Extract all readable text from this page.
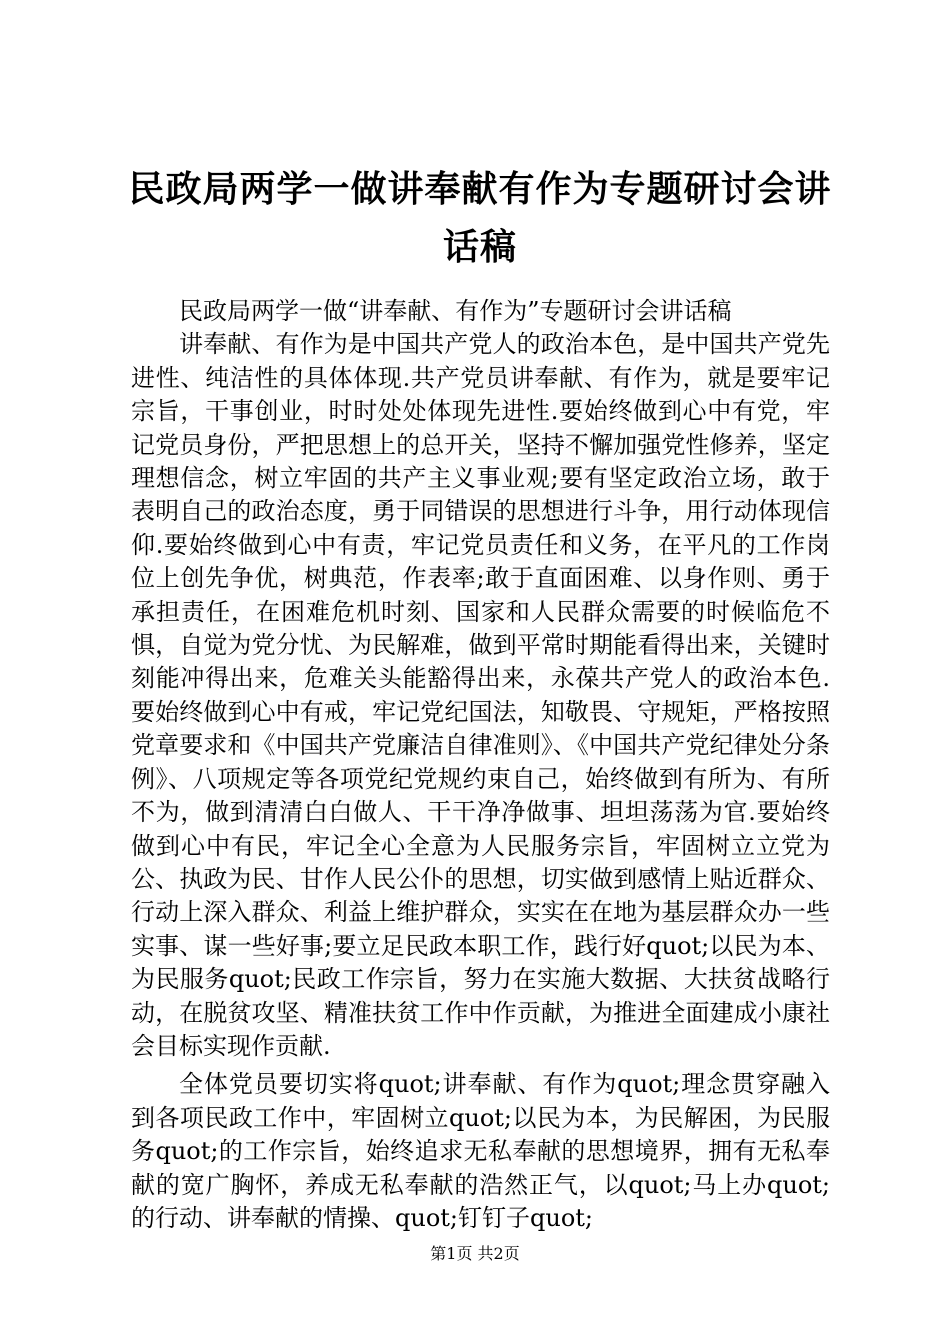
民政局两学一做讲奉献有作为专题研讨会讲话稿

民政局两学一做“讲奉献、有作为”专题研讨会讲话稿

讲奉献、有作为是中国共产党人的政治本色，是中国共产党先进性、纯洁性的具体体现.共产党员讲奉献、有作为，就是要牢记宗旨，干事创业，时时处处体现先进性.要始终做到心中有党，牢记党员身份，严把思想上的总开关，坚持不懈加强党性修养，坚定理想信念，树立牢固的共产主义事业观;要有坚定政治立场，敢于表明自己的政治态度，勇于同错误的思想进行斗争，用行动体现信仰.要始终做到心中有责，牢记党员责任和义务，在平凡的工作岗位上创先争优，树典范，作表率;敢于直面困难、以身作则、勇于承担责任，在困难危机时刻、国家和人民群众需要的时候临危不惧，自觉为党分忧、为民解难，做到平常时期能看得出来，关键时刻能冲得出来，危难关头能豁得出来，永葆共产党人的政治本色.要始终做到心中有戒，牢记党纪国法，知敬畏、守规矩，严格按照党章要求和《中国共产党廉洁自律准则》、《中国共产党纪律处分条例》、八项规定等各项党纪党规约束自己，始终做到有所为、有所不为，做到清清白白做人、干干净净做事、坦坦荡荡为官.要始终做到心中有民，牢记全心全意为人民服务宗旨，牢固树立立党为公、执政为民、甘作人民公仆的思想，切实做到感情上贴近群众、行动上深入群众、利益上维护群众，实实在在地为基层群众办一些实事、谋一些好事;要立足民政本职工作，践行好quot;以民为本、为民服务quot;民政工作宗旨，努力在实施大数据、大扶贫战略行动，在脱贫攻坚、精准扶贫工作中作贡献，为推进全面建成小康社会目标实现作贡献.

全体党员要切实将quot;讲奉献、有作为quot;理念贯穿融入到各项民政工作中，牢固树立quot;以民为本，为民解困，为民服务quot;的工作宗旨，始终追求无私奉献的思想境界，拥有无私奉献的宽广胸怀，养成无私奉献的浩然正气，以quot;马上办quot;的行动、讲奉献的情操、quot;钉钉子quot;

第1页 共2页
